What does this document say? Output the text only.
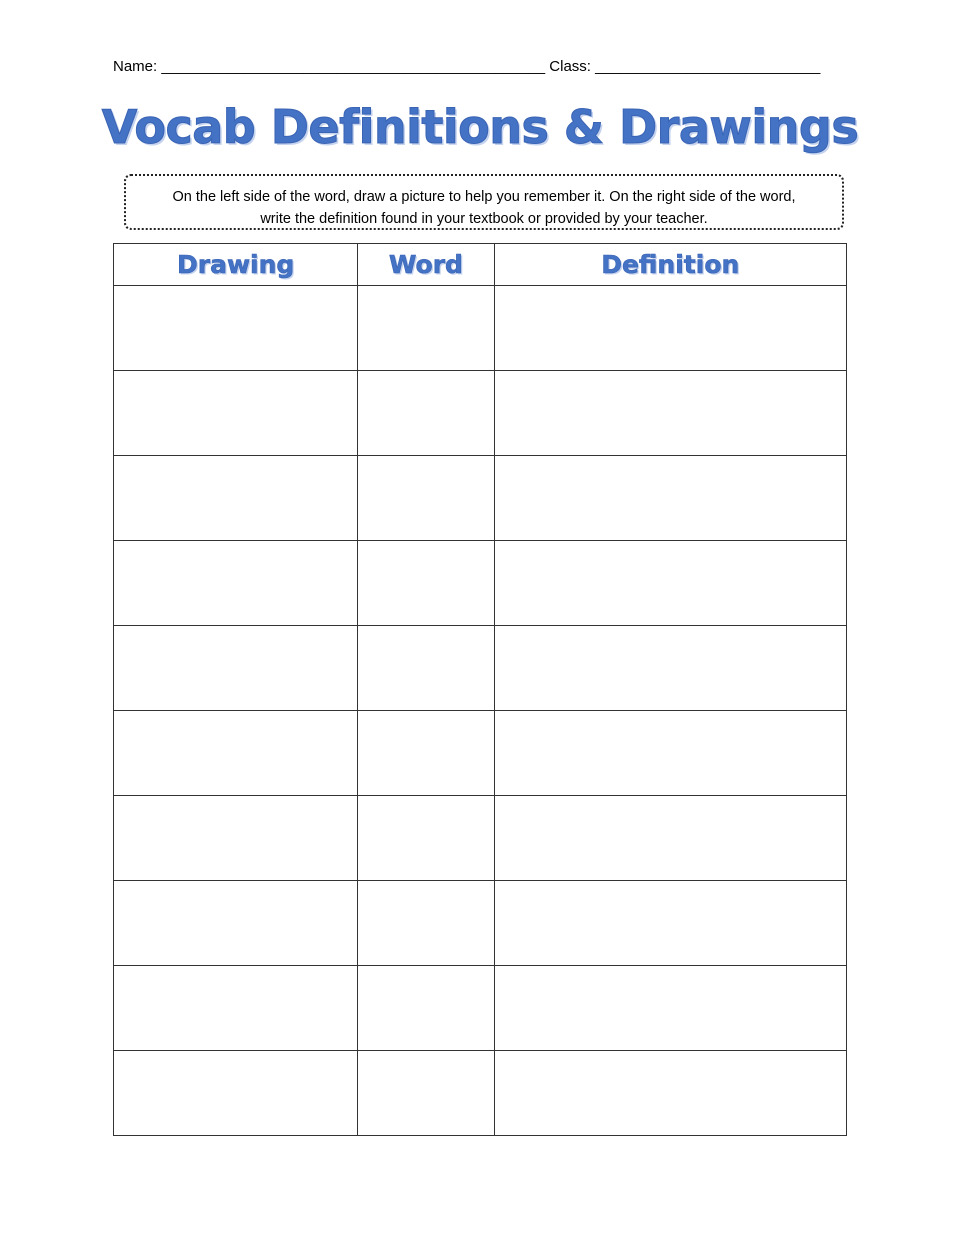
Name: ______________________________________________ Class: ___________________________
Vocab Definitions & Drawings
On the left side of the word, draw a picture to help you remember it. On the right side of the word,
write the definition found in your textbook or provided by your teacher.
Drawing	Word	Definition
